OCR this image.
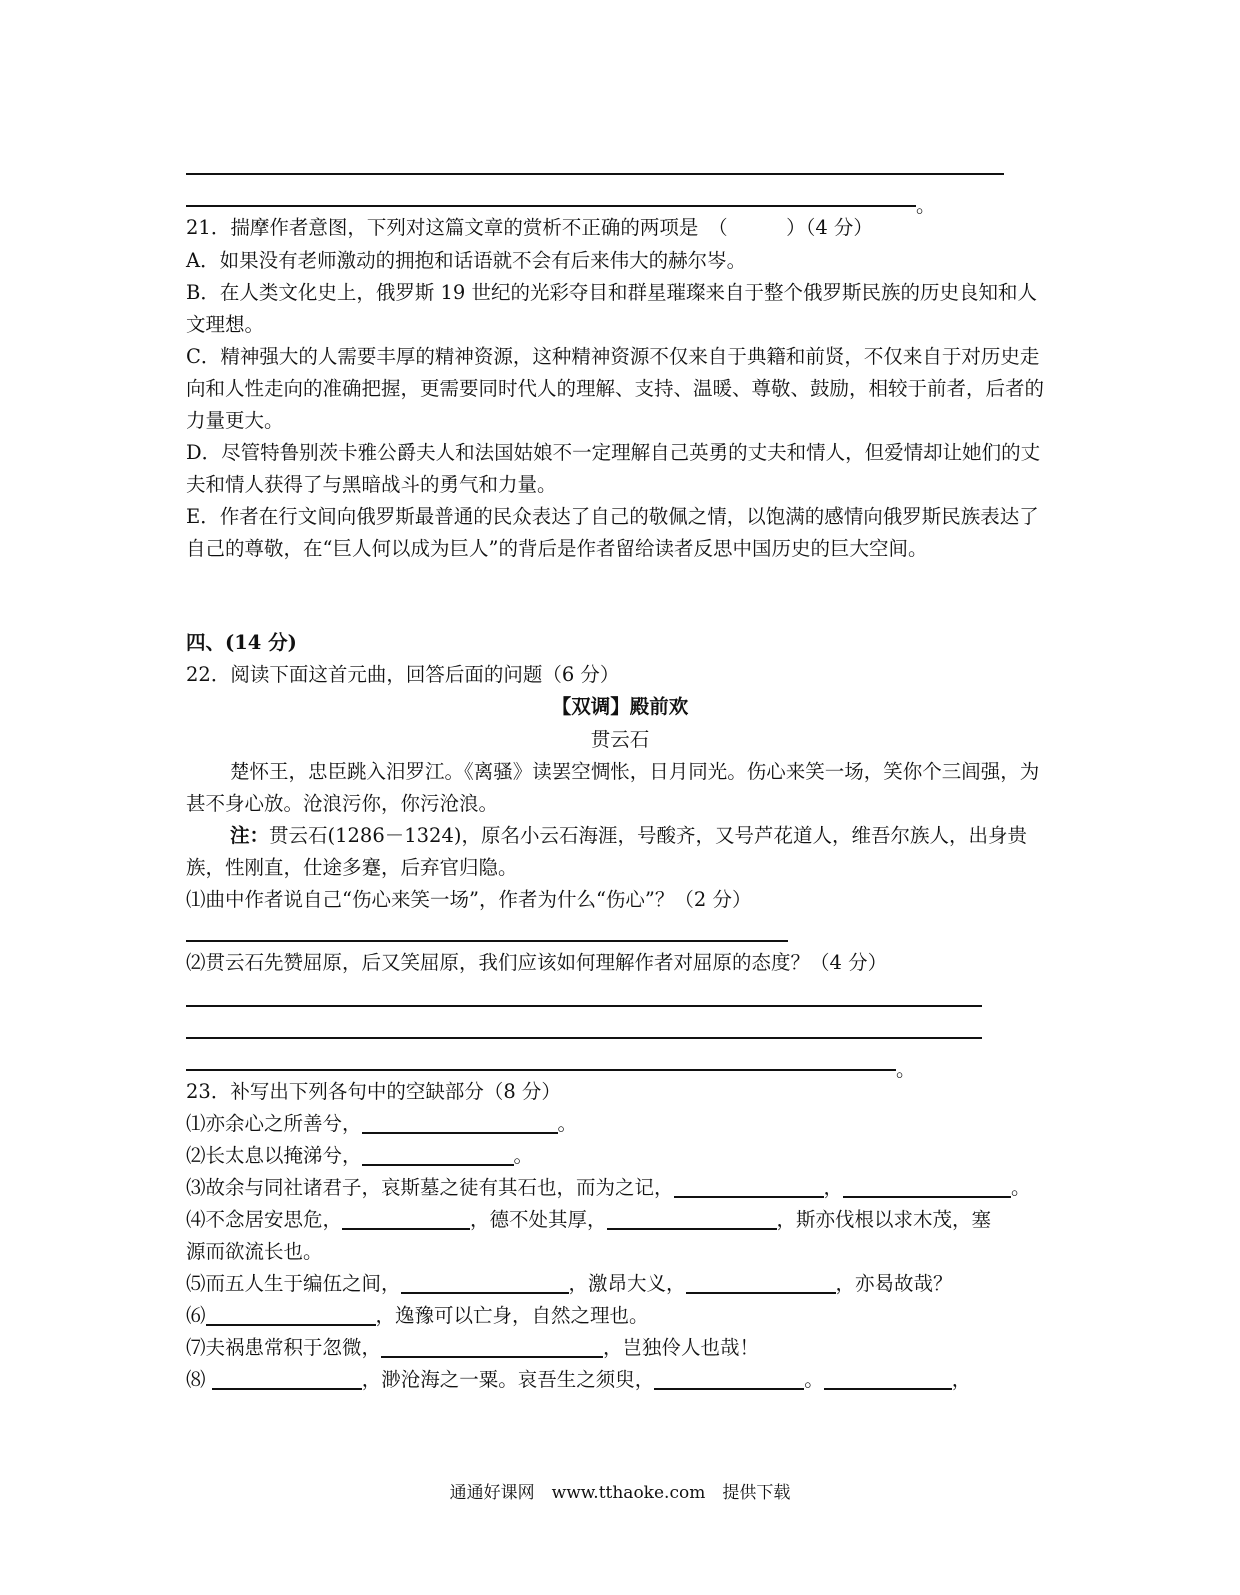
。
21．揣摩作者意图，下列对这篇文章的赏析不正确的两项是　（　　　）（4 分）
A．如果没有老师激动的拥抱和话语就不会有后来伟大的赫尔岑。
B．在人类文化史上，俄罗斯 19 世纪的光彩夺目和群星璀璨来自于整个俄罗斯民族的历史良知和人文理想。
C．精神强大的人需要丰厚的精神资源，这种精神资源不仅来自于典籍和前贤，不仅来自于对历史走向和人性走向的准确把握，更需要同时代人的理解、支持、温暖、尊敬、鼓励，相较于前者，后者的力量更大。
D．尽管特鲁别茨卡雅公爵夫人和法国姑娘不一定理解自己英勇的丈夫和情人，但爱情却让她们的丈夫和情人获得了与黑暗战斗的勇气和力量。
E．作者在行文间向俄罗斯最普通的民众表达了自己的敬佩之情，以饱满的感情向俄罗斯民族表达了自己的尊敬，在“巨人何以成为巨人”的背后是作者留给读者反思中国历史的巨大空间。
四、(14 分)
22．阅读下面这首元曲，回答后面的问题（6 分）
【双调】殿前欢
贯云石
楚怀王，忠臣跳入汨罗江。《离骚》读罢空惆怅，日月同光。伤心来笑一场，笑你个三闾强，为甚不身心放。沧浪污你，你污沧浪。
注：贯云石(1286－1324)，原名小云石海涯，号酸齐，又号芦花道人，维吾尔族人，出身贵族，性刚直，仕途多蹇，后弃官归隐。
⑴曲中作者说自己“伤心来笑一场”，作者为什么“伤心”？（2 分）
⑵贯云石先赞屈原，后又笑屈原，我们应该如何理解作者对屈原的态度？（4 分）
。
23．补写出下列各句中的空缺部分（8 分）
⑴亦余心之所善兮，	。
⑵长太息以掩涕兮，	。
⑶故余与同社诸君子，哀斯墓之徒有其石也，而为之记，	，	。
⑷不念居安思危，	，德不处其厚，	，斯亦伐根以求木茂，塞
源而欲流长也。
⑸而五人生于编伍之间，	，激昂大义，	，亦曷故哉？
⑹	，逸豫可以亡身，自然之理也。
⑺夫祸患常积于忽微，	，岂独伶人也哉！
⑻	，渺沧海之一粟。哀吾生之须臾，	。	，
通通好课网　www.tthaoke.com　提供下载
